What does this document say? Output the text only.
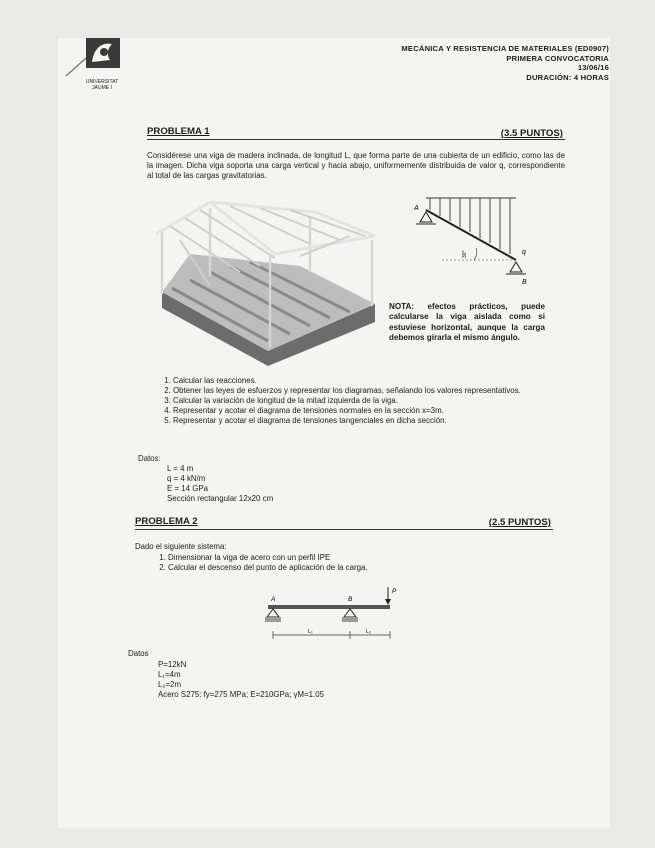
UNIVERSITAT
JAUME I
MECÁNICA Y RESISTENCIA DE MATERIALES (ED0907)
PRIMERA CONVOCATORIA
13/06/16
DURACIÓN: 4 HORAS
PROBLEMA 1	(3.5 PUNTOS)
Considérese una viga de madera inclinada, de longitud L, que forma parte de una cubierta de un edificio, como las de la imagen. Dicha viga soporta una carga vertical y hacia abajo, uniformemente distribuida de valor q, correspondiente al total de las cargas gravitatorias.
A
B
q
30°
NOTA: efectos prácticos, puede calcularse la viga aislada como si estuviese horizontal, aunque la carga debemos girarla el mismo ángulo.
1. Calcular las reacciones.
2. Obtener las leyes de esfuerzos y representar los diagramas, señalando los valores representativos.
3. Calcular la variación de longitud de la mitad izquierda de la viga.
4. Representar y acotar el diagrama de tensiones normales en la sección x=3m.
5. Representar y acotar el diagrama de tensiones tangenciales en dicha sección.
Datos:
L = 4 m
q = 4 kN/m
E = 14 GPa
Sección rectangular 12x20 cm
PROBLEMA 2	(2.5 PUNTOS)
Dado el siguiente sistema:
1. Dimensionar la viga de acero con un perfil IPE
2. Calcular el descenso del punto de aplicación de la carga.
A	B
P
L₁	L₂
Datos
P=12kN
L₁=4m
L₂=2m
Acero S275: fy=275 MPa; E=210GPa; γM=1.05
